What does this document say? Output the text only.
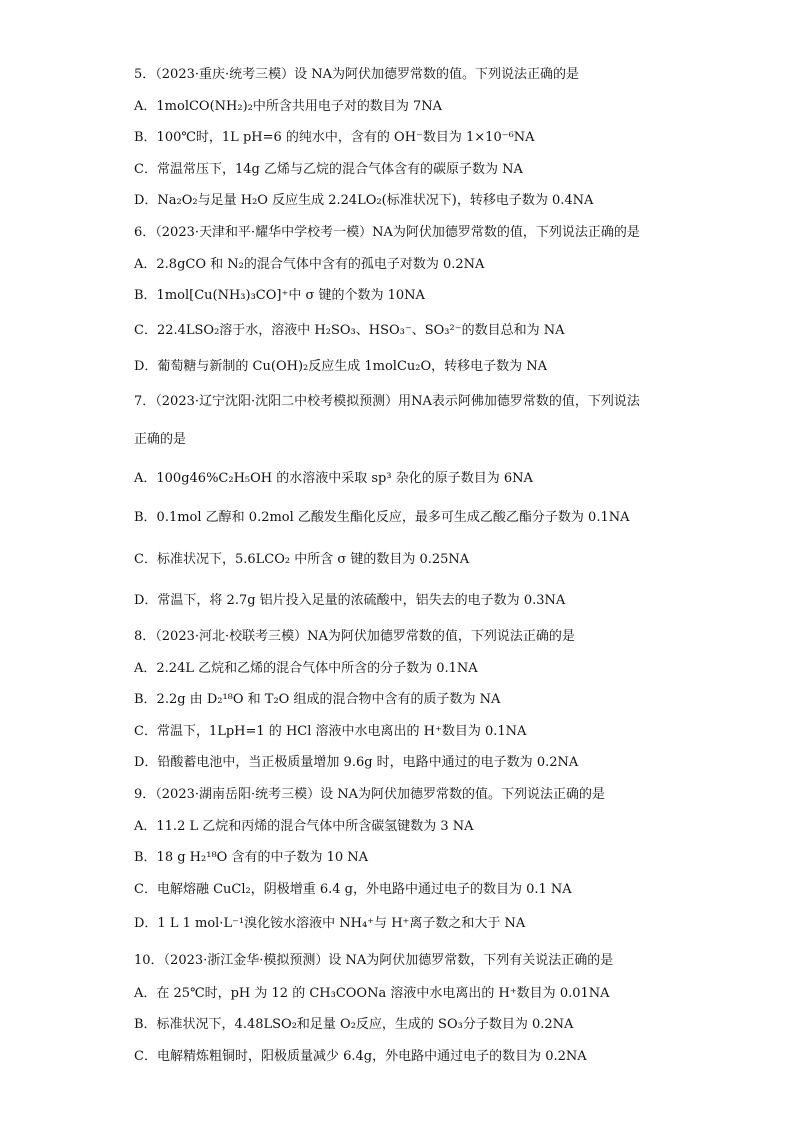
5．（2023·重庆·统考三模）设 NA为阿伏加德罗常数的值。下列说法正确的是
A．1molCO(NH₂)₂中所含共用电子对的数目为 7NA
B．100℃时，1L pH=6 的纯水中，含有的 OH⁻数目为 1×10⁻⁶NA
C．常温常压下，14g 乙烯与乙烷的混合气体含有的碳原子数为 NA
D．Na₂O₂与足量 H₂O 反应生成 2.24LO₂(标准状况下)，转移电子数为 0.4NA
6．（2023·天津和平·耀华中学校考一模）NA为阿伏加德罗常数的值，下列说法正确的是
A．2.8gCO 和 N₂的混合气体中含有的孤电子对数为 0.2NA
B．1mol[Cu(NH₃)₃CO]⁺中 σ 键的个数为 10NA
C．22.4LSO₂溶于水，溶液中 H₂SO₃、HSO₃⁻、SO₃²⁻的数目总和为 NA
D．葡萄糖与新制的 Cu(OH)₂反应生成 1molCu₂O，转移电子数为 NA
7．（2023·辽宁沈阳·沈阳二中校考模拟预测）用NA表示阿佛加德罗常数的值，下列说法
正确的是
A．100g46%C₂H₅OH 的水溶液中采取 sp³ 杂化的原子数目为 6NA
B．0.1mol 乙醇和 0.2mol 乙酸发生酯化反应，最多可生成乙酸乙酯分子数为 0.1NA
C．标准状况下，5.6LCO₂ 中所含 σ 键的数目为 0.25NA
D．常温下，将 2.7g 铝片投入足量的浓硫酸中，铝失去的电子数为 0.3NA
8．（2023·河北·校联考三模）NA为阿伏加德罗常数的值，下列说法正确的是
A．2.24L 乙烷和乙烯的混合气体中所含的分子数为 0.1NA
B．2.2g 由 D₂¹⁸O 和 T₂O 组成的混合物中含有的质子数为 NA
C．常温下，1LpH=1 的 HCl 溶液中水电离出的 H⁺数目为 0.1NA
D．铅酸蓄电池中，当正极质量增加 9.6g 时，电路中通过的电子数为 0.2NA
9．（2023·湖南岳阳·统考三模）设 NA为阿伏加德罗常数的值。下列说法正确的是
A．11.2 L 乙烷和丙烯的混合气体中所含碳氢键数为 3 NA
B．18 g H₂¹⁸O 含有的中子数为 10 NA
C．电解熔融 CuCl₂，阴极增重 6.4 g，外电路中通过电子的数目为 0.1 NA
D．1 L 1 mol·L⁻¹溴化铵水溶液中 NH₄⁺与 H⁺离子数之和大于 NA
10．（2023·浙江金华·模拟预测）设 NA为阿伏加德罗常数，下列有关说法正确的是
A．在 25℃时，pH 为 12 的 CH₃COONa 溶液中水电离出的 H⁺数目为 0.01NA
B．标准状况下，4.48LSO₂和足量 O₂反应，生成的 SO₃分子数目为 0.2NA
C．电解精炼粗铜时，阳极质量减少 6.4g，外电路中通过电子的数目为 0.2NA
